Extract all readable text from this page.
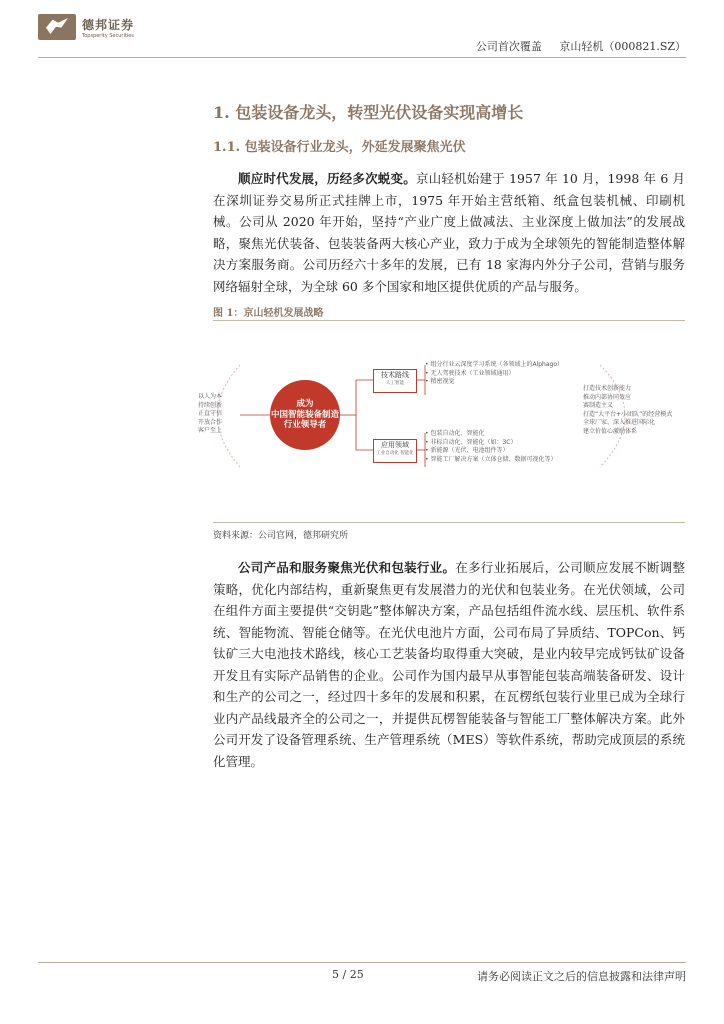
德邦证券
Topsperity Securities
公司首次覆盖 京山轻机（000821.SZ）
1. 包装设备龙头，转型光伏设备实现高增长
1.1. 包装设备行业龙头，外延发展聚焦光伏
顺应时代发展，历经多次蜕变。京山轻机始建于 1957 年 10 月，1998 年 6 月在深圳证券交易所正式挂牌上市，1975 年开始主营纸箱、纸盒包装机械、印刷机械。公司从 2020 年开始，坚持“产业广度上做减法、主业深度上做加法”的发展战略，聚焦光伏装备、包装装备两大核心产业，致力于成为全球领先的智能制造整体解决方案服务商。公司历经六十多年的发展，已有 18 家海内外分子公司，营销与服务网络辐射全球，为全球 60 多个国家和地区提供优质的产品与服务。
图 1：京山轻机发展战略
以人为本
持续创新
正直守信
开放合作
客户至上
成为
中国智能装备制造
行业领导者
技术路线
人工智能
应用领域
工业自动化 智能化
• 组分行业云深度学习系统（各领域上的Alphago）
• 无人驾驶技术（工业领域通用）
• 精密视觉
• 包装自动化、智能化
• 非标自动化、智能化（如：3C）
• 新能源（光伏、电池组件等）
• 智能工厂解决方案（立体仓储、数据可视化等）
打造技术创新能力
推动内部协同效应
赛制造主义
打造“大平台+小团队”的经营模式
全球厂家、深入推进国际化
建立价值心激励体系
资料来源：公司官网，德邦研究所
公司产品和服务聚焦光伏和包装行业。在多行业拓展后，公司顺应发展不断调整策略，优化内部结构，重新聚焦更有发展潜力的光伏和包装业务。在光伏领域，公司在组件方面主要提供“交钥匙”整体解决方案，产品包括组件流水线、层压机、软件系统、智能物流、智能仓储等。在光伏电池片方面，公司布局了异质结、TOPCon、钙钛矿三大电池技术路线，核心工艺装备均取得重大突破，是业内较早完成钙钛矿设备开发且有实际产品销售的企业。公司作为国内最早从事智能包装高端装备研发、设计和生产的公司之一，经过四十多年的发展和积累，在瓦楞纸包装行业里已成为全球行业内产品线最齐全的公司之一，并提供瓦楞智能装备与智能工厂整体解决方案。此外公司开发了设备管理系统、生产管理系统（MES）等软件系统，帮助完成顶层的系统化管理。
5 / 25	请务必阅读正文之后的信息披露和法律声明
